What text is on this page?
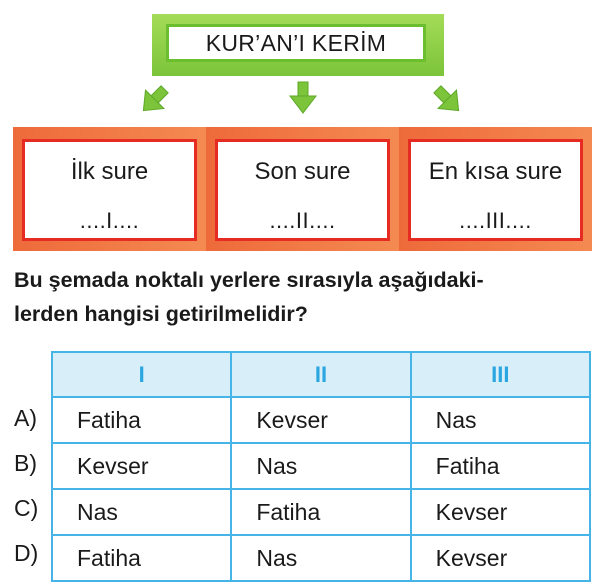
KUR’AN’I KERİM
İlk sure
....I....
Son sure
....II....
En kısa sure
....III....
Bu şemada noktalı yerlere sırasıyla aşağıdaki-
lerden hangisi getirilmelidir?
A)
B)
C)
D)
I	II	III
Fatiha	Kevser	Nas
Kevser	Nas	Fatiha
Nas	Fatiha	Kevser
Fatiha	Nas	Kevser
